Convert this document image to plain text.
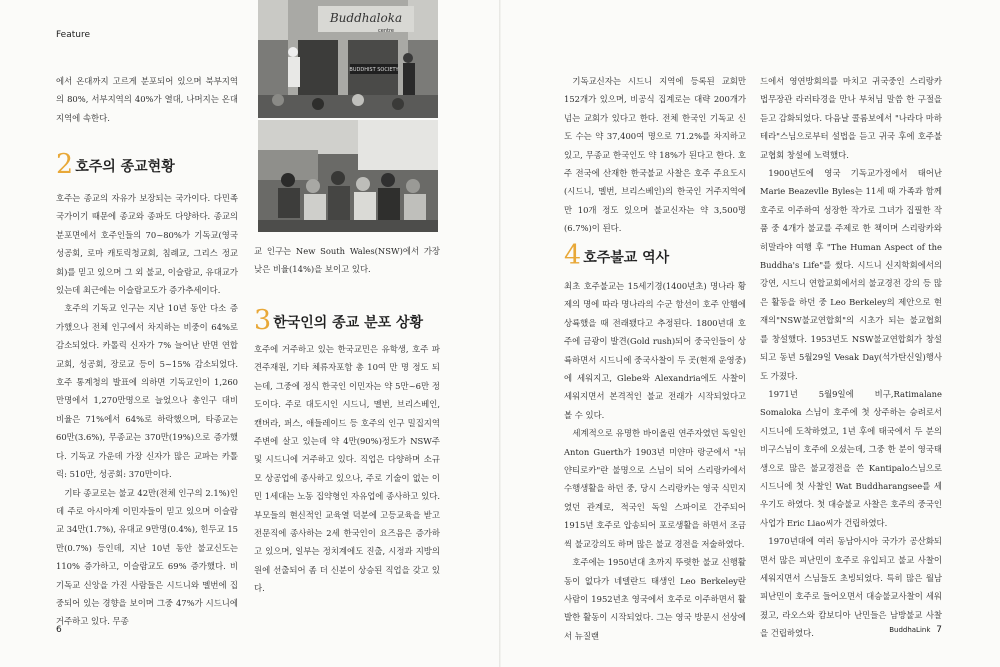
Feature

에서 온대까지 고르게 분포되어 있으며 북부지역의 80%, 서부지역의 40%가 열대, 나머지는 온대지역에 속한다.

2 호주의 종교현황

호주는 종교의 자유가 보장되는 국가이다. 다민족국가이기 때문에 종교와 종파도 다양하다. 종교의 분포면에서 호주인들의 70~80%가 기독교(영국성공회, 로마 캐토릭청교회, 침례교, 그리스 정교회)를 믿고 있으며 그 외 불교, 이슬람교, 유대교가 있는데 최근에는 이슬람교도가 증가추세이다.

호주의 기독교 인구는 지난 10년 동안 다소 증가했으나 전체 인구에서 차지하는 비중이 64%로 감소되었다. 카톨릭 신자가 7% 늘어난 반면 연합교회, 성공회, 장로교 등이 5~15% 감소되었다. 호주 통계청의 발표에 의하면 기독교인이 1,260만명에서 1,270만명으로 늘었으나 총인구 대비 비율은 71%에서 64%로 하락했으며, 타종교는 60만(3.6%), 무종교는 370만(19%)으로 증가했다. 기독교 가운데 가장 신자가 많은 교파는 카톨릭: 510만, 성공회: 370만이다.

기타 종교로는 불교 42만(전체 인구의 2.1%)인데 주로 아시아계 이민자들이 믿고 있으며 이슬람교 34만(1.7%), 유대교 9만명(0.4%), 힌두교 15만(0.7%) 등인데, 지난 10년 동안 불교신도는 110% 증가하고, 이슬람교도 69% 증가했다. 비기독교 신앙을 가진 사람들은 시드니와 멜번에 집중되어 있는 경향을 보이며 그중 47%가 시드니에 거주하고 있다. 무종

Buddhaloka
centre
BUDDHIST SOCIETY

교 인구는 New South Wales(NSW)에서 가장 낮은 비율(14%)을 보이고 있다.

3 한국인의 종교 분포 상황

호주에 거주하고 있는 한국교민은 유학생, 호주 파견주재원, 기타 체류자포함 총 10여 만 명 정도 되는데, 그중에 정식 한국인 이민자는 약 5만~6만 정도이다. 주로 대도시인 시드니, 멜번, 브리스베인, 캔버라, 퍼스, 애들레이드 등 호주의 인구 밀집지역 주변에 살고 있는데 약 4만(90%)정도가 NSW주 및 시드니에 거주하고 있다. 직업은 다양하며 소규모 상공업에 종사하고 있으나, 주로 기술이 없는 이민 1세대는 노동 집약형인 자유업에 종사하고 있다. 부모들의 현신적인 교육열 덕분에 고등교육을 받고 전문직에 종사하는 2세 한국인이 요즈음은 증가하고 있으며, 일부는 정치계에도 진출, 시정과 지방의원에 선출되어 좀 더 신분이 상승된 직업을 갖고 있다.

6

기독교신자는 시드니 지역에 등록된 교회만 152개가 있으며, 비공식 집계로는 대략 200개가 넘는 교회가 있다고 한다. 전체 한국인 기독교 신도 수는 약 37,400여 명으로 71.2%를 차지하고 있고, 무종교 한국인도 약 18%가 된다고 한다. 호주 전국에 산재한 한국불교 사찰은 호주 주요도시(시드니, 멜번, 브리스베인)의 한국인 거주지역에만 10개 정도 있으며 불교신자는 약 3,500명(6.7%)이 된다.

4 호주불교 역사

최초 호주불교는 15세기경(1400년초) 명나라 황제의 명에 따라 명나라의 수군 함선이 호주 안햄에 상륙했을 때 전래됐다고 추정된다. 1800년대 호주에 금광이 발견(Gold rush)되어 중국인들이 상륙하면서 시드니에 중국사찰이 두 곳(현재 운영중)에 세워지고, Glebe와 Alexandria에도 사찰이 세워지면서 본격적인 불교 전래가 시작되었다고 볼 수 있다.

세계적으로 유명한 바이올린 연주자였던 독일인 Anton Guerth가 1903년 미얀마 랑군에서 "뉘얀티로카"란 불명으로 스님이 되어 스리랑카에서 수행생활을 하던 중, 당시 스리랑카는 영국 식민지였던 관계로, 적국인 독일 스파이로 간주되어 1915년 호주로 압송되어 포로생활을 하면서 조금씩 불교강의도 하며 많은 불교 경전을 저술하였다.

호주에는 1950년대 초까지 뚜렷한 불교 신행활동이 없다가 네델란드 태생인 Leo Berkeley란 사람이 1952년초 영국에서 호주로 이주하면서 활발한 활동이 시작되었다. 그는 영국 방문시 선상에서 뉴질랜

드에서 영연방회의를 마치고 귀국중인 스리랑카 법무장관 라러타경을 만나 부처님 말씀 한 구절을 듣고 감화되었다. 다음날 콜롬보에서 "나라다 마하 테라"스님으로부터 설법을 듣고 귀국 후에 호주불교협회 창설에 노력했다.

1900년도에 영국 기독교가정에서 태어난 Marie Beazevlle Byles는 11세 때 가족과 함께 호주로 이주하여 성장한 작가로 그녀가 집필한 작품 중 4개가 불교를 주제로 한 책이며 스리랑카와 히말라야 여행 후 "The Human Aspect of the Buddha's Life"를 썼다. 시드니 신지학회에서의 강연, 시드니 연합교회에서의 불교경전 강의 등 많은 활동을 하던 중 Leo Berkeley의 제안으로 현재의"NSW불교연합회"의 시초가 되는 불교협회를 창설했다. 1953년도 NSW불교연합회가 창설되고 동년 5월29일 Vesak Day(석가탄신일)행사도 가졌다.

1971년 5월9일에 비구,Ratimalane Somaloka 스님이 호주에 첫 상주하는 승려로서 시드니에 도착하였고, 1년 후에 태국에서 두 분의 비구스님이 호주에 오셨는데, 그중 한 분이 영국태생으로 많은 불교경전을 쓴 Kantipalo스님으로 시드니에 첫 사찰인 Wat Buddharangsee를 세우기도 하였다. 첫 대승불교 사찰은 호주의 중국인 사업가 Eric Liao씨가 건립하였다.

1970년대에 여러 동남아시아 국가가 공산화되면서 많은 피난민이 호주로 유입되고 불교 사찰이 세워지면서 스님들도 초빙되었다. 특히 많은 월남 피난민이 호주로 들어오면서 대승불교사찰이 세워졌고, 라오스와 캄보디아 난민들은 남방불교 사찰을 건립하였다.	BuddhaLink 7
